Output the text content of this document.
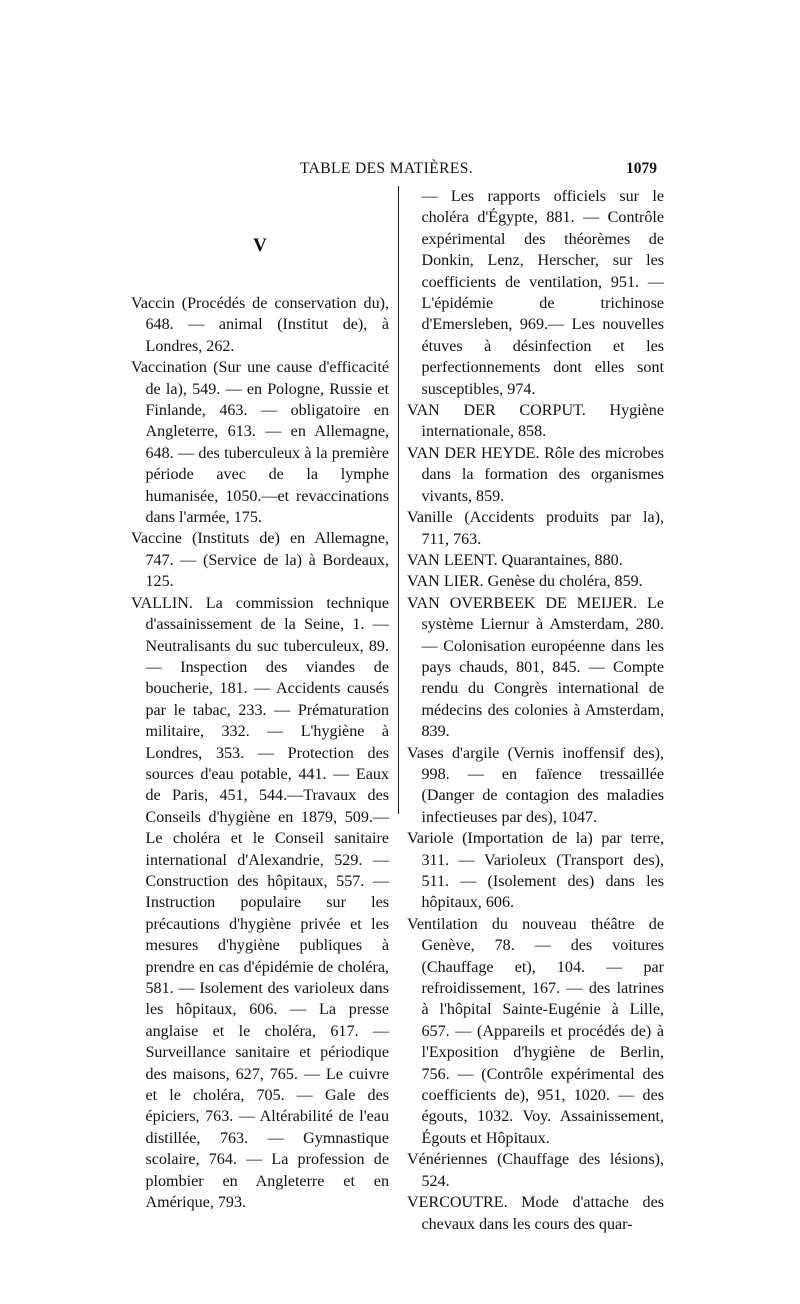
TABLE DES MATIÈRES.	1079
V

Vaccin (Procédés de conservation du), 648. — animal (Institut de), à Londres, 262.

Vaccination (Sur une cause d'efficacité de la), 549. — en Pologne, Russie et Finlande, 463. — obligatoire en Angleterre, 613. — en Allemagne, 648. — des tuberculeux à la première période avec de la lymphe humanisée, 1050.—et revaccinations dans l'armée, 175.

Vaccine (Instituts de) en Allemagne, 747. — (Service de la) à Bordeaux, 125.

VALLIN. La commission technique d'assainissement de la Seine, 1. — Neutralisants du suc tuberculeux, 89.— Inspection des viandes de boucherie, 181. — Accidents causés par le tabac, 233. — Prématuration militaire, 332. — L'hygiène à Londres, 353. — Protection des sources d'eau potable, 441. — Eaux de Paris, 451, 544.—Travaux des Conseils d'hygiène en 1879, 509.— Le choléra et le Conseil sanitaire international d'Alexandrie, 529. — Construction des hôpitaux, 557. — Instruction populaire sur les précautions d'hygiène privée et les mesures d'hygiène publiques à prendre en cas d'épidémie de choléra, 581. — Isolement des varioleux dans les hôpitaux, 606. — La presse anglaise et le choléra, 617. — Surveillance sanitaire et périodique des maisons, 627, 765. — Le cuivre et le choléra, 705. — Gale des épiciers, 763. — Altérabilité de l'eau distillée, 763. — Gymnastique scolaire, 764. — La profession de plombier en Angleterre et en Amérique, 793.

— Les rapports officiels sur le choléra d'Égypte, 881. — Contrôle expérimental des théorèmes de Donkin, Lenz, Herscher, sur les coefficients de ventilation, 951. — L'épidémie de trichinose d'Emersleben, 969.— Les nouvelles étuves à désinfection et les perfectionnements dont elles sont susceptibles, 974.

VAN DER CORPUT. Hygiène internationale, 858.

VAN DER HEYDE. Rôle des microbes dans la formation des organismes vivants, 859.

Vanille (Accidents produits par la), 711, 763.

VAN LEENT. Quarantaines, 880.

VAN LIER. Genèse du choléra, 859.

VAN OVERBEEK DE MEIJER. Le système Liernur à Amsterdam, 280. — Colonisation européenne dans les pays chauds, 801, 845. — Compte rendu du Congrès international de médecins des colonies à Amsterdam, 839.

Vases d'argile (Vernis inoffensif des), 998. — en faïence tressaillée (Danger de contagion des maladies infectieuses par des), 1047.

Variole (Importation de la) par terre, 311. — Varioleux (Transport des), 511. — (Isolement des) dans les hôpitaux, 606.

Ventilation du nouveau théâtre de Genève, 78. — des voitures (Chauffage et), 104. — par refroidissement, 167. — des latrines à l'hôpital Sainte-Eugénie à Lille, 657. — (Appareils et procédés de) à l'Exposition d'hygiène de Berlin, 756. — (Contrôle expérimental des coefficients de), 951, 1020. — des égouts, 1032. Voy. Assainissement, Égouts et Hôpitaux.

Vénériennes (Chauffage des lésions), 524.

VERCOUTRE. Mode d'attache des chevaux dans les cours des quar-
